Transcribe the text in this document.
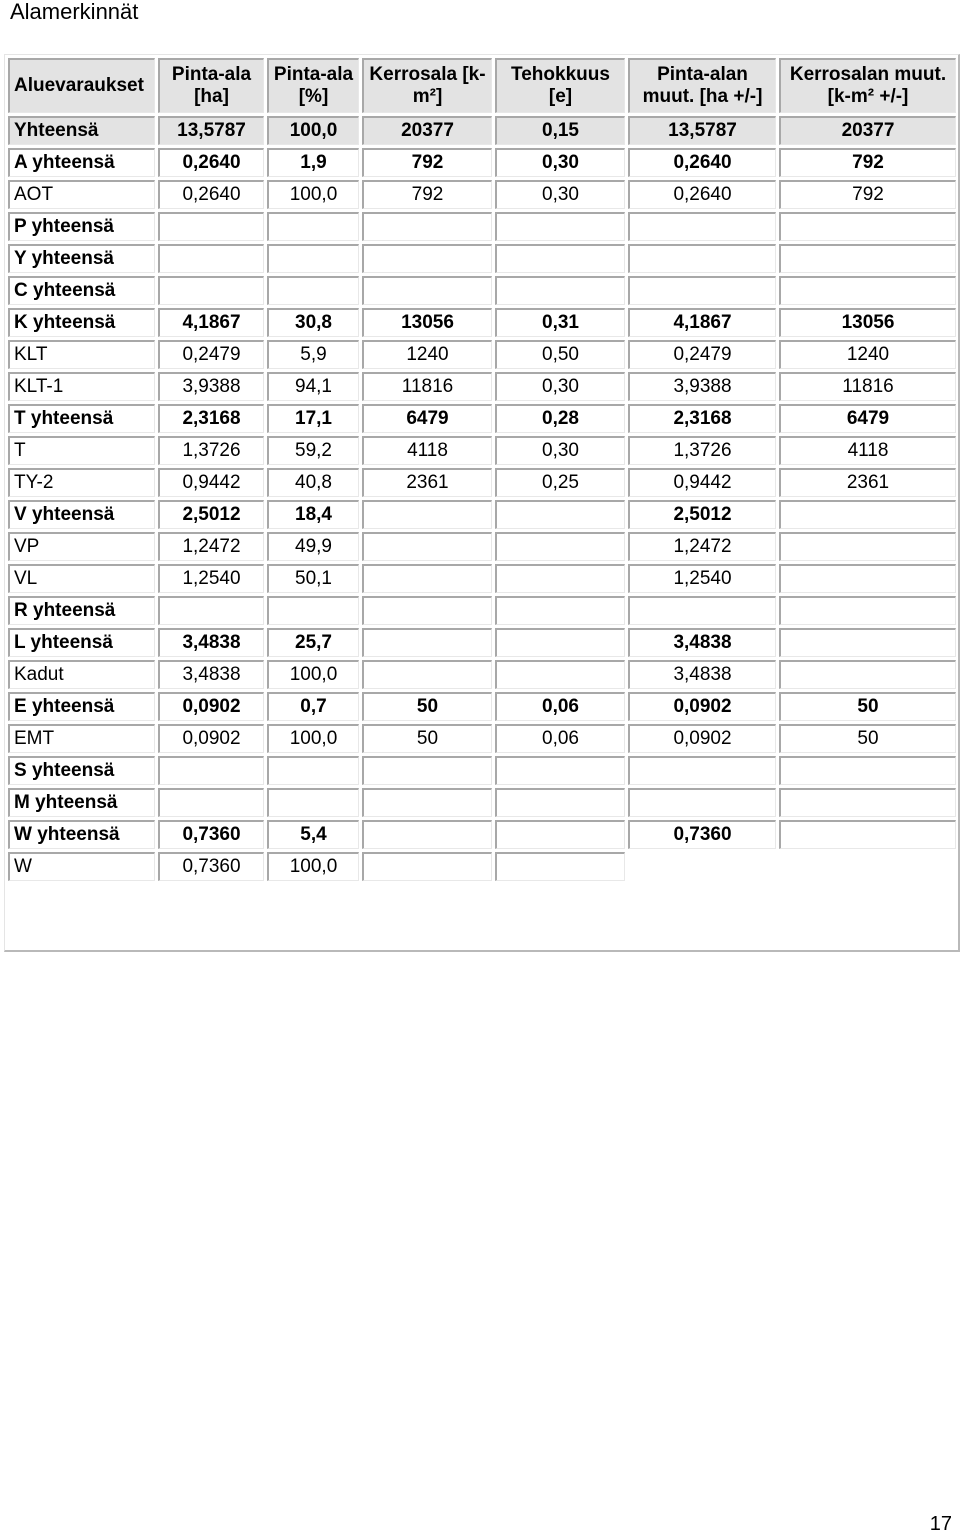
Alamerkinnät
Aluevaraukset	Pinta-ala [ha]	Pinta-ala [%]	Kerrosala [k-m²]	Tehokkuus [e]	Pinta-alan muut. [ha +/-]	Kerrosalan muut. [k-m² +/-]
Yhteensä	13,5787	100,0	20377	0,15	13,5787	20377
A yhteensä	0,2640	1,9	792	0,30	0,2640	792
AOT	0,2640	100,0	792	0,30	0,2640	792
P yhteensä						
Y yhteensä						
C yhteensä						
K yhteensä	4,1867	30,8	13056	0,31	4,1867	13056
KLT	0,2479	5,9	1240	0,50	0,2479	1240
KLT-1	3,9388	94,1	11816	0,30	3,9388	11816
T yhteensä	2,3168	17,1	6479	0,28	2,3168	6479
T	1,3726	59,2	4118	0,30	1,3726	4118
TY-2	0,9442	40,8	2361	0,25	0,9442	2361
V yhteensä	2,5012	18,4			2,5012	
VP	1,2472	49,9			1,2472	
VL	1,2540	50,1			1,2540	
R yhteensä						
L yhteensä	3,4838	25,7			3,4838	
Kadut	3,4838	100,0			3,4838	
E yhteensä	0,0902	0,7	50	0,06	0,0902	50
EMT	0,0902	100,0	50	0,06	0,0902	50
S yhteensä						
M yhteensä						
W yhteensä	0,7360	5,4			0,7360	
W	0,7360	100,0				
17
